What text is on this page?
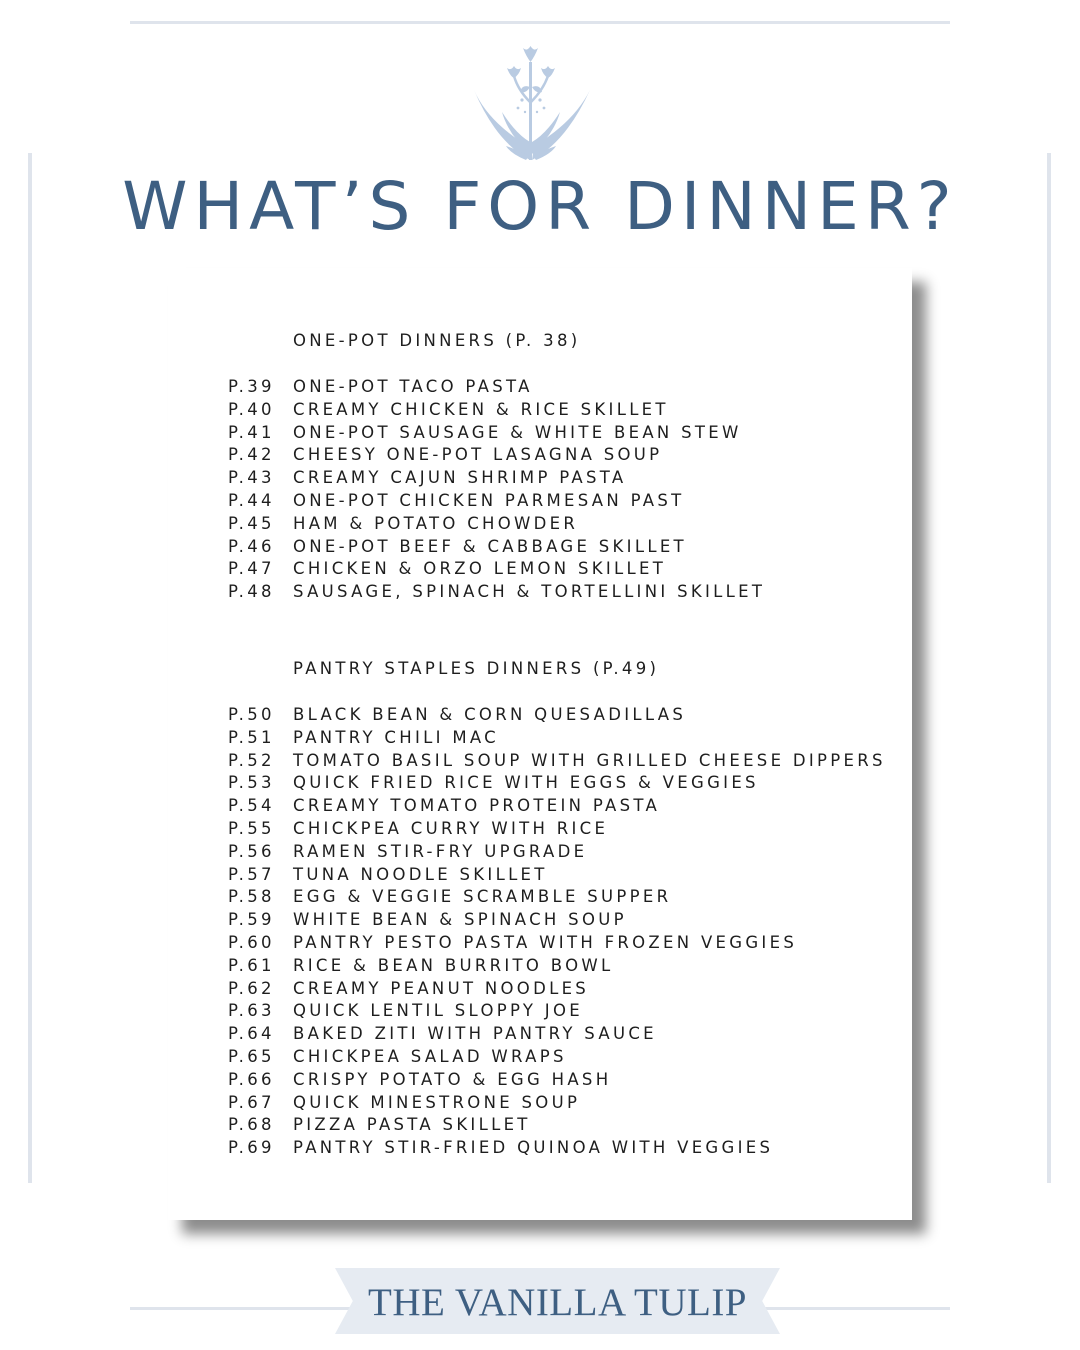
WHAT’S FOR DINNER?
ONE-POT DINNERS (P. 38)
P.39 ONE-POT TACO PASTA
P.40 CREAMY CHICKEN & RICE SKILLET
P.41 ONE-POT SAUSAGE & WHITE BEAN STEW
P.42 CHEESY ONE-POT LASAGNA SOUP
P.43 CREAMY CAJUN SHRIMP PASTA
P.44 ONE-POT CHICKEN PARMESAN PAST
P.45 HAM & POTATO CHOWDER
P.46 ONE-POT BEEF & CABBAGE SKILLET
P.47 CHICKEN & ORZO LEMON SKILLET
P.48 SAUSAGE, SPINACH & TORTELLINI SKILLET
PANTRY STAPLES DINNERS (P.49)
P.50 BLACK BEAN & CORN QUESADILLAS
P.51 PANTRY CHILI MAC
P.52 TOMATO BASIL SOUP WITH GRILLED CHEESE DIPPERS
P.53 QUICK FRIED RICE WITH EGGS & VEGGIES
P.54 CREAMY TOMATO PROTEIN PASTA
P.55 CHICKPEA CURRY WITH RICE
P.56 RAMEN STIR-FRY UPGRADE
P.57 TUNA NOODLE SKILLET
P.58 EGG & VEGGIE SCRAMBLE SUPPER
P.59 WHITE BEAN & SPINACH SOUP
P.60 PANTRY PESTO PASTA WITH FROZEN VEGGIES
P.61 RICE & BEAN BURRITO BOWL
P.62 CREAMY PEANUT NOODLES
P.63 QUICK LENTIL SLOPPY JOE
P.64 BAKED ZITI WITH PANTRY SAUCE
P.65 CHICKPEA SALAD WRAPS
P.66 CRISPY POTATO & EGG HASH
P.67 QUICK MINESTRONE SOUP
P.68 PIZZA PASTA SKILLET
P.69 PANTRY STIR-FRIED QUINOA WITH VEGGIES
THE VANILLA TULIP
